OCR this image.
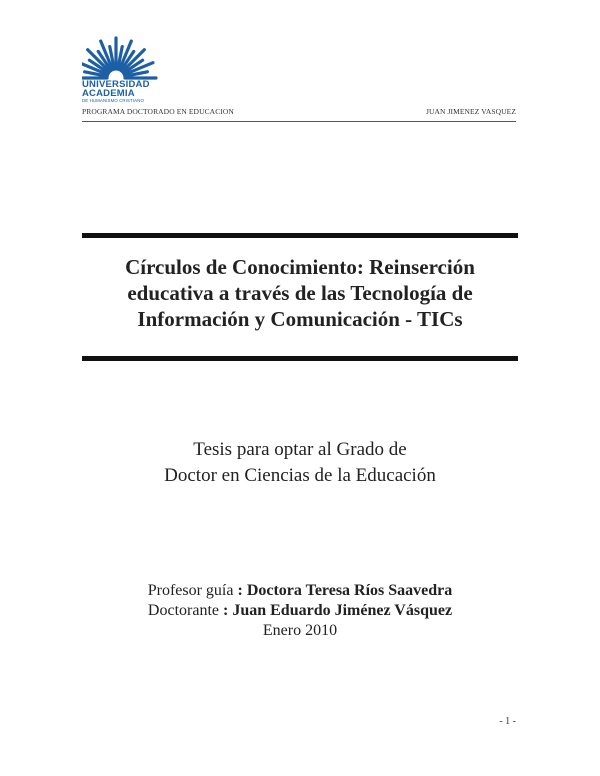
UNIVERSIDAD
ACADEMIA
DE HUMANISMO CRISTIANO
PROGRAMA DOCTORADO EN EDUCACION	JUAN JIMENEZ VASQUEZ
Círculos de Conocimiento: Reinserción
educativa a través de las Tecnología de
Información y Comunicación - TICs
Tesis para optar al Grado de
Doctor en Ciencias de la Educación
Profesor guía : Doctora Teresa Ríos Saavedra
Doctorante : Juan Eduardo Jiménez Vásquez
Enero 2010
- 1 -
